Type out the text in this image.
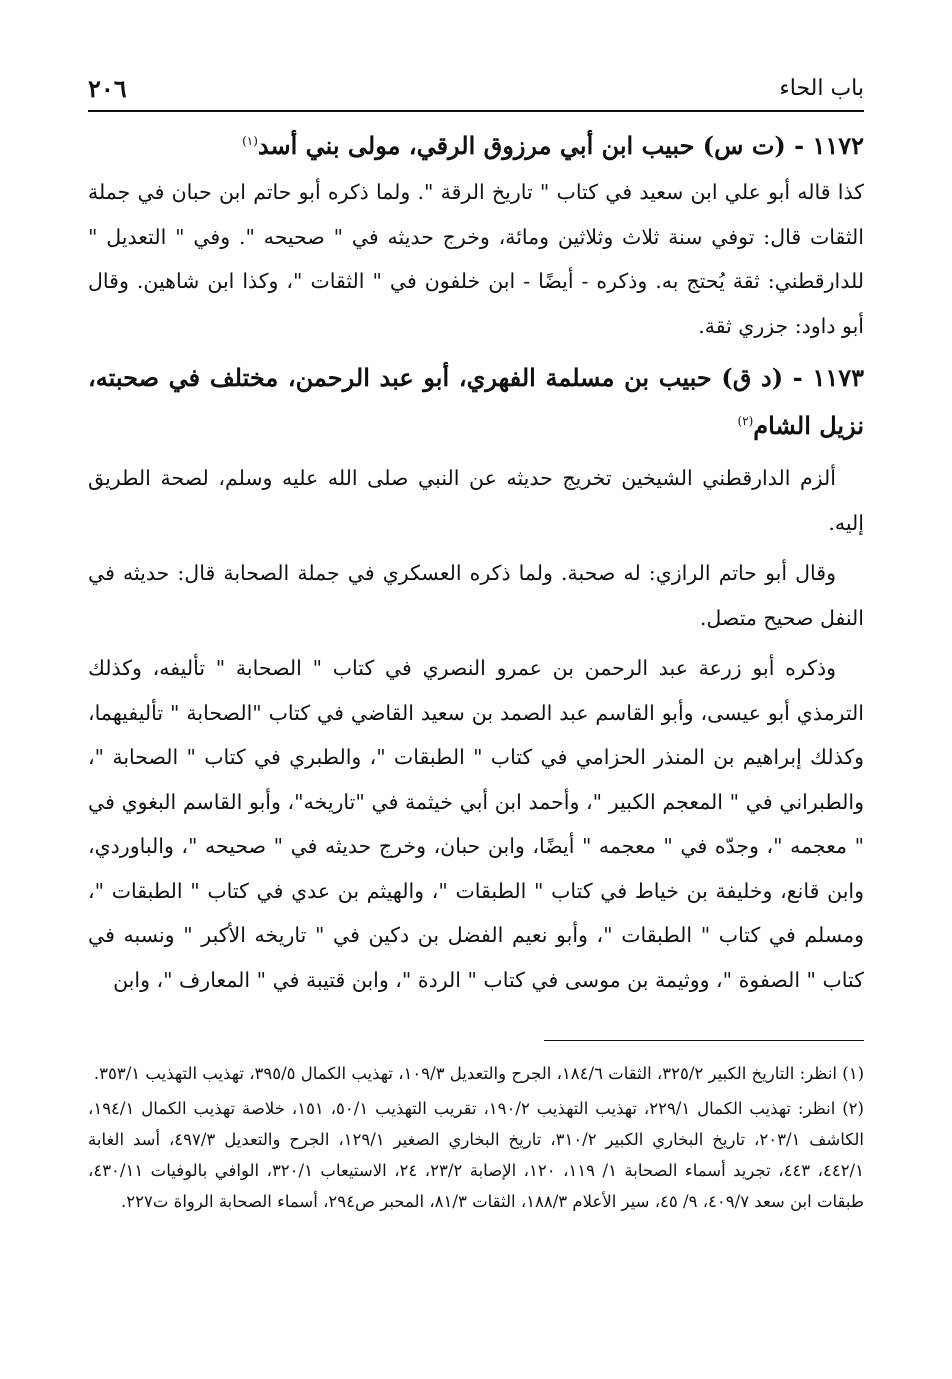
باب الحاء
٢٠٦
١١٧٢ - (ت س) حبيب ابن أبي مرزوق الرقي، مولى بني أسد$^{(١)}$

كذا قاله أبو علي ابن سعيد في كتاب " تاريخ الرقة ". ولما ذكره أبو حاتم ابن حبان في جملة الثقات قال: توفي سنة ثلاث وثلاثين ومائة، وخرج حديثه في " صحيحه ". وفي " التعديل " للدارقطني: ثقة يُحتج به. وذكره - أيضًا - ابن خلفون في " الثقات "، وكذا ابن شاهين. وقال أبو داود: جزري ثقة.

١١٧٣ - (د ق) حبيب بن مسلمة الفهري، أبو عبد الرحمن، مختلف في صحبته، نزيل الشام$^{(٢)}$

ألزم الدارقطني الشيخين تخريج حديثه عن النبي صلى الله عليه وسلم، لصحة الطريق إليه.

وقال أبو حاتم الرازي: له صحبة. ولما ذكره العسكري في جملة الصحابة قال: حديثه في النفل صحيح متصل.

وذكره أبو زرعة عبد الرحمن بن عمرو النصري في كتاب " الصحابة " تأليفه، وكذلك الترمذي أبو عيسى، وأبو القاسم عبد الصمد بن سعيد القاضي في كتاب "الصحابة " تأليفيهما، وكذلك إبراهيم بن المنذر الحزامي في كتاب " الطبقات "، والطبري في كتاب " الصحابة "، والطبراني في " المعجم الكبير "، وأحمد ابن أبي خيثمة في "تاريخه"، وأبو القاسم البغوي في " معجمه "، وجدّه في " معجمه " أيضًا، وابن حبان، وخرج حديثه في " صحيحه "، والباوردي، وابن قانع، وخليفة بن خياط في كتاب " الطبقات "، والهيثم بن عدي في كتاب " الطبقات "، ومسلم في كتاب " الطبقات "، وأبو نعيم الفضل بن دكين في " تاريخه الأكبر " ونسبه في كتاب " الصفوة "، ووثيمة بن موسى في كتاب " الردة "، وابن قتيبة في " المعارف "، وابن

(١) انظر: التاريخ الكبير ٣٢٥/٢، الثقات ١٨٤/٦، الجرح والتعديل ١٠٩/٣، تهذيب الكمال ٣٩٥/٥، تهذيب التهذيب ٣٥٣/١.

(٢) انظر: تهذيب الكمال ٢٢٩/١، تهذيب التهذيب ١٩٠/٢، تقريب التهذيب ٥٠/١، ١٥١، خلاصة تهذيب الكمال ١٩٤/١، الكاشف ٢٠٣/١، تاريخ البخاري الكبير ٣١٠/٢، تاريخ البخاري الصغير ١٢٩/١، الجرح والتعديل ٤٩٧/٣، أسد الغابة ٤٤٢/١، ٤٤٣، تجريد أسماء الصحابة ١/ ١١٩، ١٢٠، الإصابة ٢٣/٢، ٢٤، الاستيعاب ٣٢٠/١، الوافي بالوفيات ٤٣٠/١١، طبقات ابن سعد ٤٠٩/٧، ٩/ ٤٥، سير الأعلام ١٨٨/٣، الثقات ٨١/٣، المحبر ص٢٩٤، أسماء الصحابة الرواة ت٢٢٧.
